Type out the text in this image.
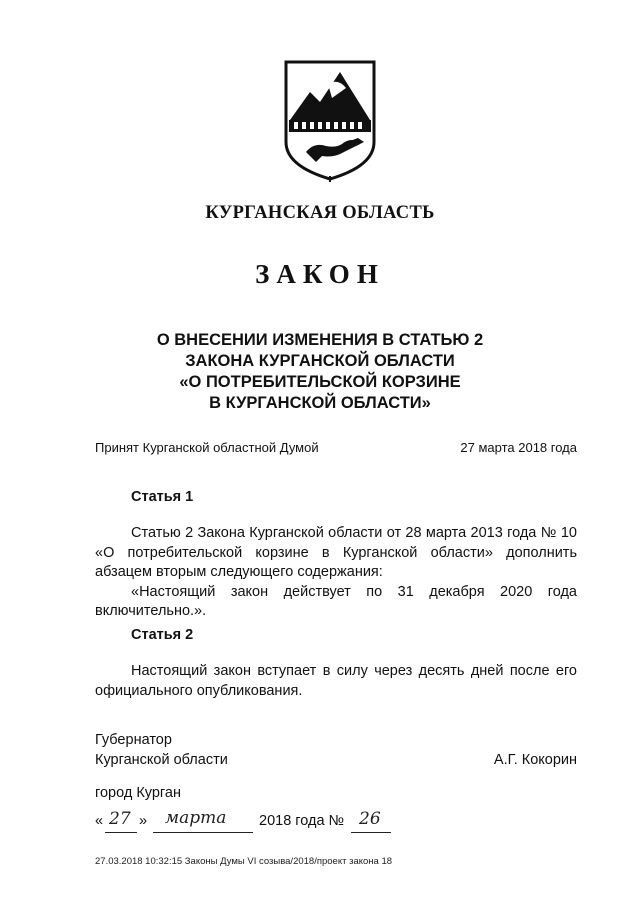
КУРГАНСКАЯ ОБЛАСТЬ
ЗАКОН
О ВНЕСЕНИИ ИЗМЕНЕНИЯ В СТАТЬЮ 2
ЗАКОНА КУРГАНСКОЙ ОБЛАСТИ
«О ПОТРЕБИТЕЛЬСКОЙ КОРЗИНЕ
В КУРГАНСКОЙ ОБЛАСТИ»
Принят Курганской областной Думой	27 марта 2018 года
Статья 1

Статью 2 Закона Курганской области от 28 марта 2013 года № 10 «О потребительской корзине в Курганской области» дополнить абзацем вторым следующего содержания:

«Настоящий закон действует по 31 декабря 2020 года включительно.».

Статья 2

Настоящий закон вступает в силу через десять дней после его официального опубликования.

Губернатор
Курганской области	А.Г. Кокорин
город Курган
« 27 » марта 2018 года № 26
27.03.2018 10:32:15 Законы Думы VI созыва/2018/проект закона 18
